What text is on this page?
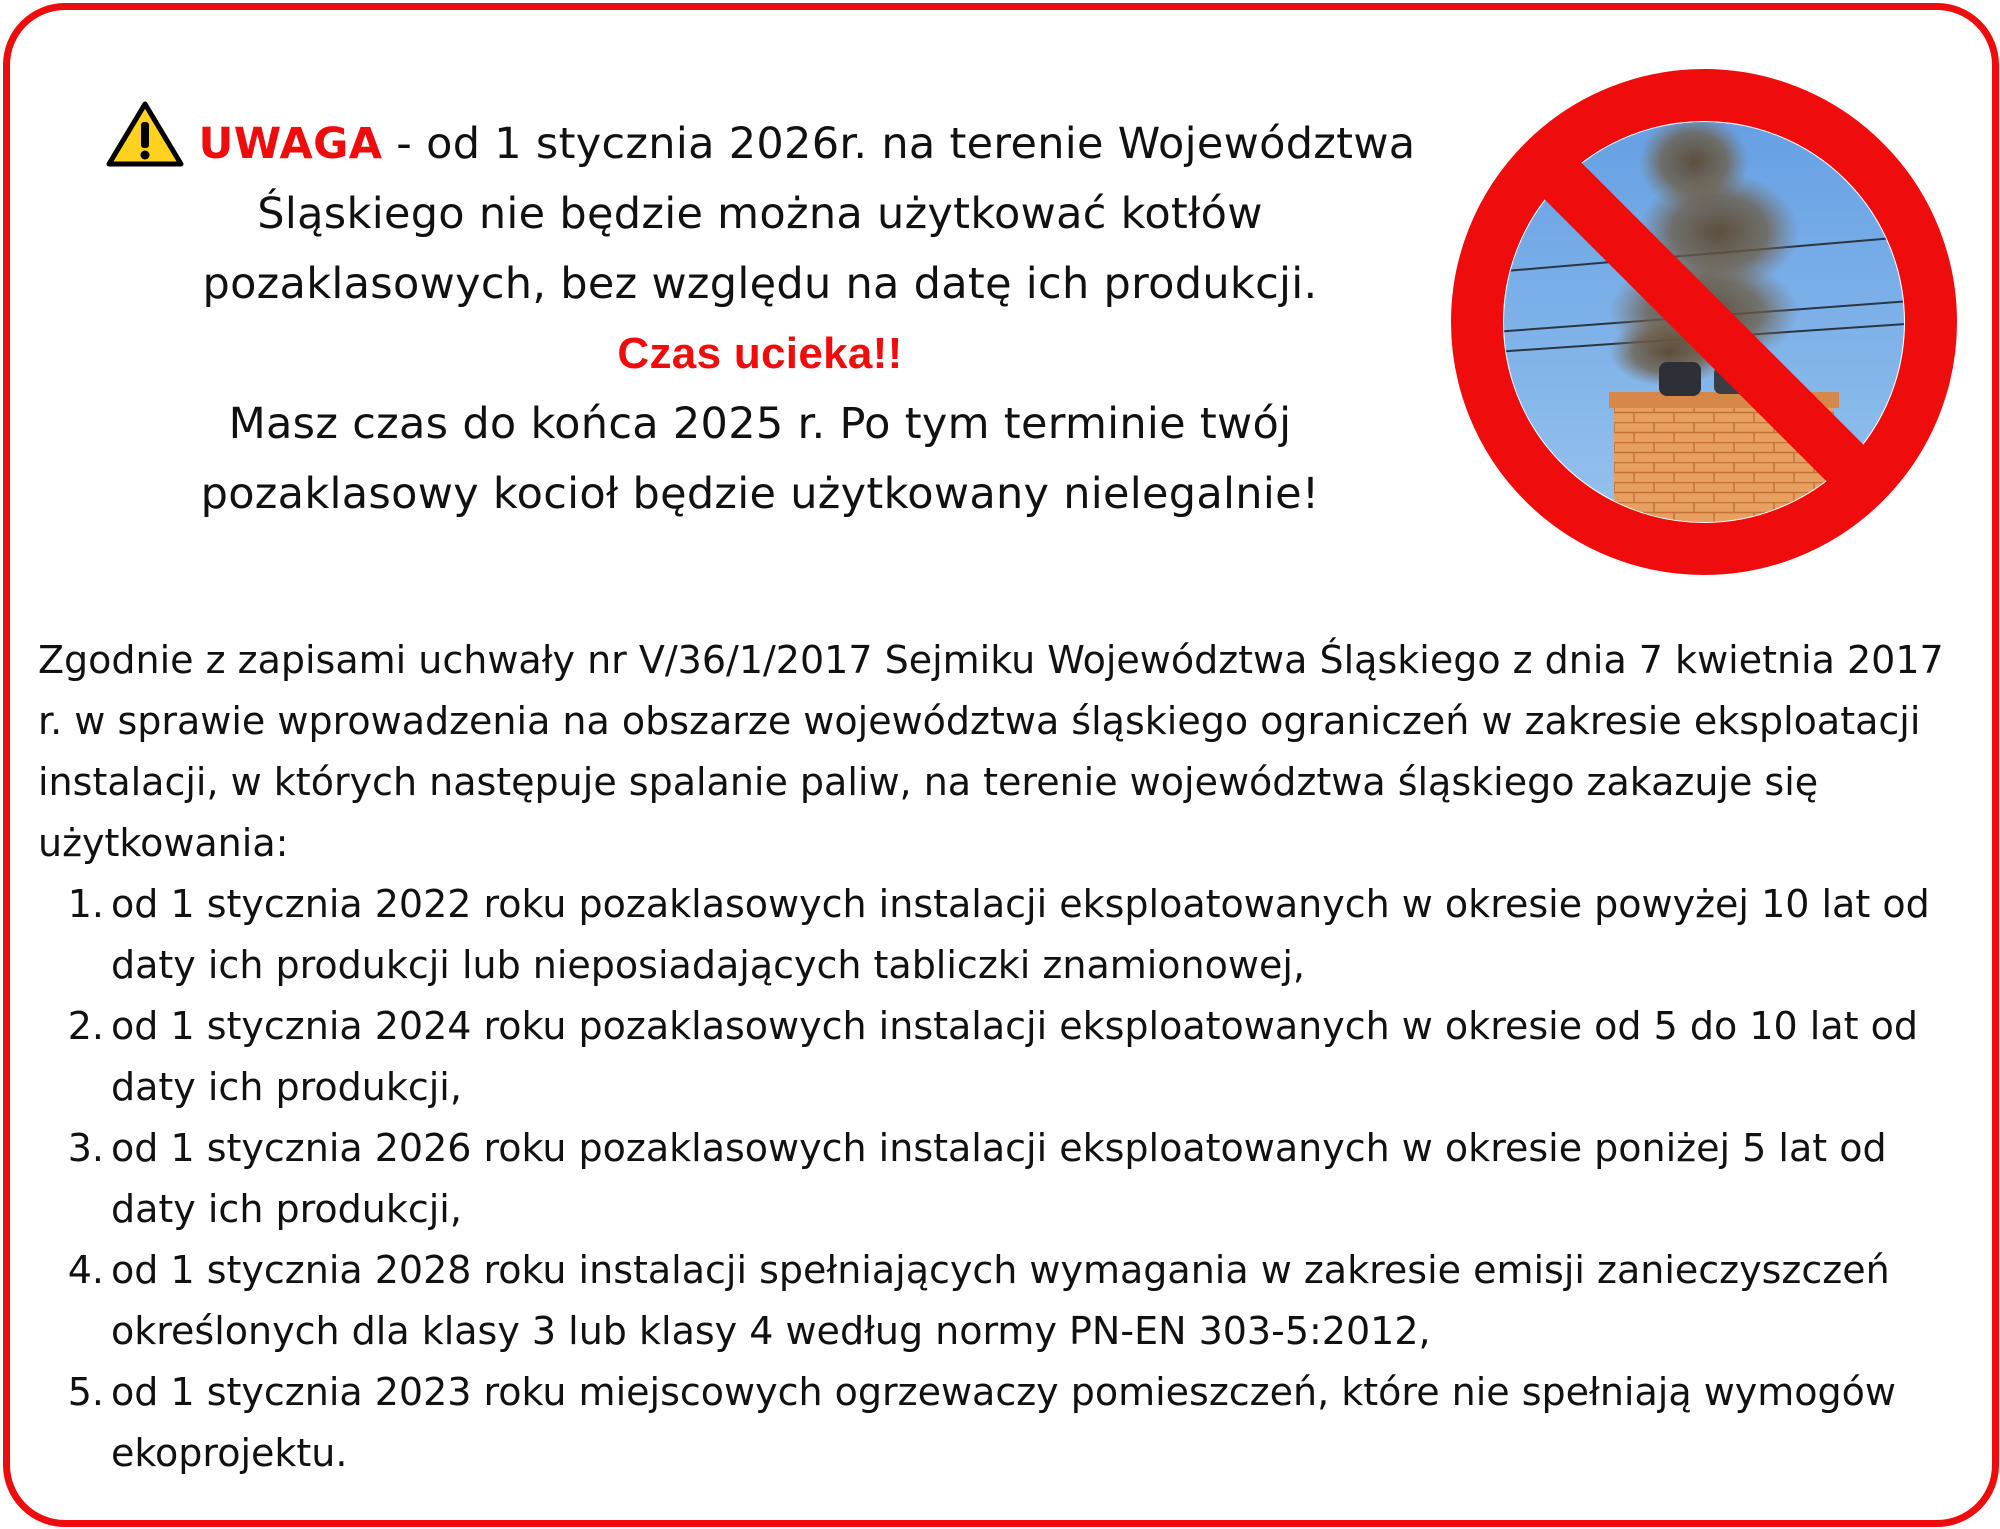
UWAGA - od 1 stycznia 2026r. na terenie Województwa

Śląskiego nie będzie można użytkować kotłów

pozaklasowych, bez względu na datę ich produkcji.

Czas ucieka!!

Masz czas do końca 2025 r. Po tym terminie twój

pozaklasowy kocioł będzie użytkowany nielegalnie!

Zgodnie z zapisami uchwały nr V/36/1/2017 Sejmiku Województwa Śląskiego z dnia 7 kwietnia 2017 r. w sprawie wprowadzenia na obszarze województwa śląskiego ograniczeń w zakresie eksploatacji instalacji, w których następuje spalanie paliw, na terenie województwa śląskiego zakazuje się użytkowania:

1. od 1 stycznia 2022 roku pozaklasowych instalacji eksploatowanych w okresie powyżej 10 lat od daty ich produkcji lub nieposiadających tabliczki znamionowej,
2. od 1 stycznia 2024 roku pozaklasowych instalacji eksploatowanych w okresie od 5 do 10 lat od daty ich produkcji,
3. od 1 stycznia 2026 roku pozaklasowych instalacji eksploatowanych w okresie poniżej 5 lat od daty ich produkcji,
4. od 1 stycznia 2028 roku instalacji spełniających wymagania w zakresie emisji zanieczyszczeń określonych dla klasy 3 lub klasy 4 według normy PN-EN 303-5:2012,
5. od 1 stycznia 2023 roku miejscowych ogrzewaczy pomieszczeń, które nie spełniają wymogów ekoprojektu.
